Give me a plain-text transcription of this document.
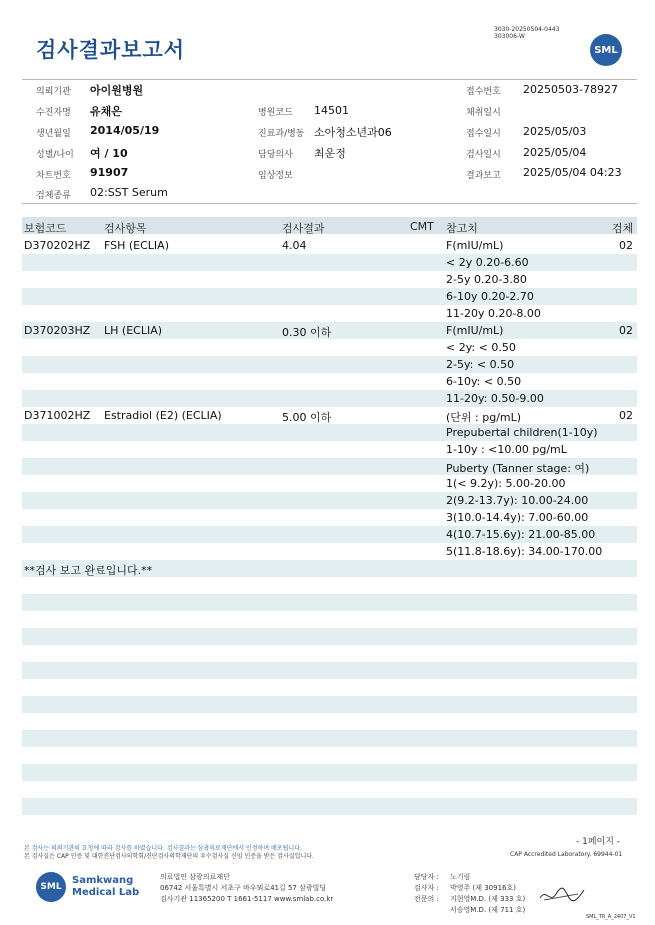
검사결과보고서
3030-20250504-0443
303006-W
SML
의뢰기관 아이원병원	접수번호 20250503-78927
수진자명 유채은	병원코드 14501	채취일시
생년월일 2014/05/19	진료과/병동 소아청소년과06	접수일시 2025/05/03
성별/나이 여 / 10	담당의사 최운정	검사일시 2025/05/04
차트번호 91907	임상정보	결과보고 2025/05/04 04:23
검체종류 02:SST Serum
보험코드	검사항목	검사결과	CMT 참고치	검체
D370202HZ FSH (ECLIA)	4.04	F(mIU/mL)	02
< 2y 0.20-6.60
2-5y 0.20-3.80
6-10y 0.20-2.70
11-20y 0.20-8.00
D370203HZ LH (ECLIA)	0.30 이하	F(mIU/mL)	02
< 2y: < 0.50
2-5y: < 0.50
6-10y: < 0.50
11-20y: 0.50-9.00
D371002HZ Estradiol (E2) (ECLIA)	5.00 이하	(단위 : pg/mL)	02
Prepubertal children(1-10y)
1-10y : <10.00 pg/mL
Puberty (Tanner stage: 여)
1(< 9.2y): 5.00-20.00
2(9.2-13.7y): 10.00-24.00
3(10.0-14.4y): 7.00-60.00
4(10.7-15.6y): 21.00-85.00
5(11.8-18.6y): 34.00-170.00
**검사 보고 완료입니다.**
- 1페이지 -
본 검사는 의뢰기관의 요청에 따라 검사를 하였습니다. 검사결과는 삼광의료재단에서 인정하며 배포됩니다.
본 검사실은 CAP 인증 및 대한진단검사의학회/진단검사의학재단의 우수검사실 신임 인증을 받은 검사실입니다.	CAP Accredited Laboratory. 69944-01
SML
Samkwang
Medical Lab
의료법인 삼광의료재단
06742 서울특별시 서초구 바우뫼로41길 57 삼광빌딩
검사기관 11365200 T 1661-5117 www.smlab.co.kr
담당자 : 노기림
검사자 : 박영주 (제 30916호)
전문의 : 지현영M.D. (제 333 호)
서승영M.D. (제 711 호)
SML_TR_A_2407_V1
